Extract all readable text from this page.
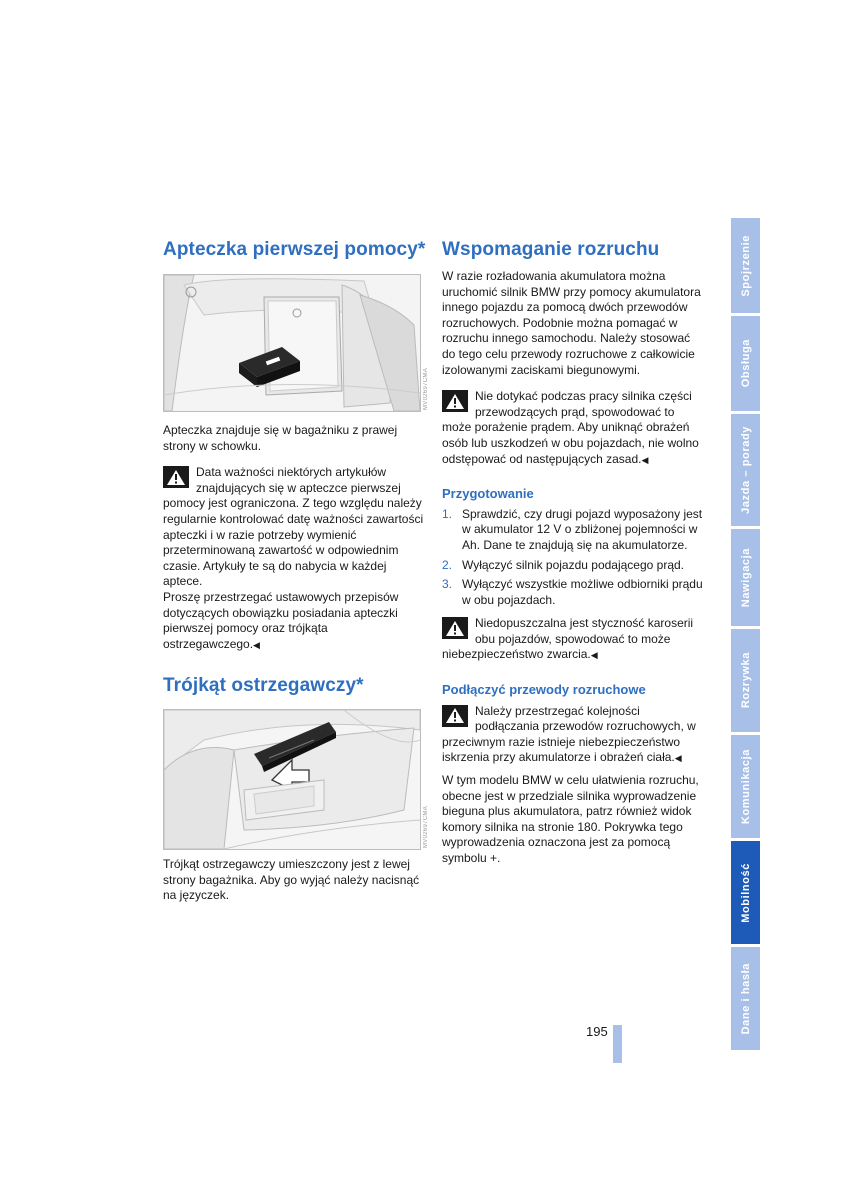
Apteczka pierwszej pomocy*
MV02697CMA

Apteczka znajduje się w bagażniku z prawej strony w schowku.

Data ważności niektórych artykułów znajdujących się w apteczce pierwszej pomocy jest ograniczona. Z tego względu należy regularnie kontrolować datę ważności zawartości apteczki i w razie potrzeby wymienić przeterminowaną zawartość w odpowiednim czasie. Artykuły te są do nabycia w każdej aptece.

Proszę przestrzegać ustawowych przepisów dotyczących obowiązku posiadania apteczki pierwszej pomocy oraz trójkąta ostrzegawczego.◀

Trójkąt ostrzegawczy*
MV02697CMA

Trójkąt ostrzegawczy umieszczony jest z lewej strony bagażnika. Aby go wyjąć należy nacisnąć na języczek.

Wspomaganie rozruchu

W razie rozładowania akumulatora można uruchomić silnik BMW przy pomocy akumulatora innego pojazdu za pomocą dwóch przewodów rozruchowych. Podobnie można pomagać w rozruchu innego samochodu. Należy stosować do tego celu przewody rozruchowe z całkowicie izolowanymi zaciskami biegunowymi.

Nie dotykać podczas pracy silnika części przewodzących prąd, spowodować to może porażenie prądem. Aby uniknąć obrażeń osób lub uszkodzeń w obu pojazdach, nie wolno odstępować od następujących zasad.◀
Przygotowanie
1. Sprawdzić, czy drugi pojazd wyposażony jest w akumulator 12 V o zbliżonej pojemności w Ah. Dane te znajdują się na akumulatorze.
2. Wyłączyć silnik pojazdu podającego prąd.
3. Wyłączyć wszystkie możliwe odbiorniki prądu w obu pojazdach.
Niedopuszczalna jest styczność karoserii obu pojazdów, spowodować to może niebezpieczeństwo zwarcia.◀
Podłączyć przewody rozruchowe
Należy przestrzegać kolejności podłączania przewodów rozruchowych, w przeciwnym razie istnieje niebezpieczeństwo iskrzenia przy akumulatorze i obrażeń ciała.◀

W tym modelu BMW w celu ułatwienia rozruchu, obecne jest w przedziale silnika wyprowadzenie bieguna plus akumulatora, patrz również widok komory silnika na stronie 180. Pokrywka tego wyprowadzenia oznaczona jest za pomocą symbolu +.

195
Spojrzenie
Obsługa
Jazda – porady
Nawigacja
Rozrywka
Komunikacja
Mobilność
Dane i hasła
